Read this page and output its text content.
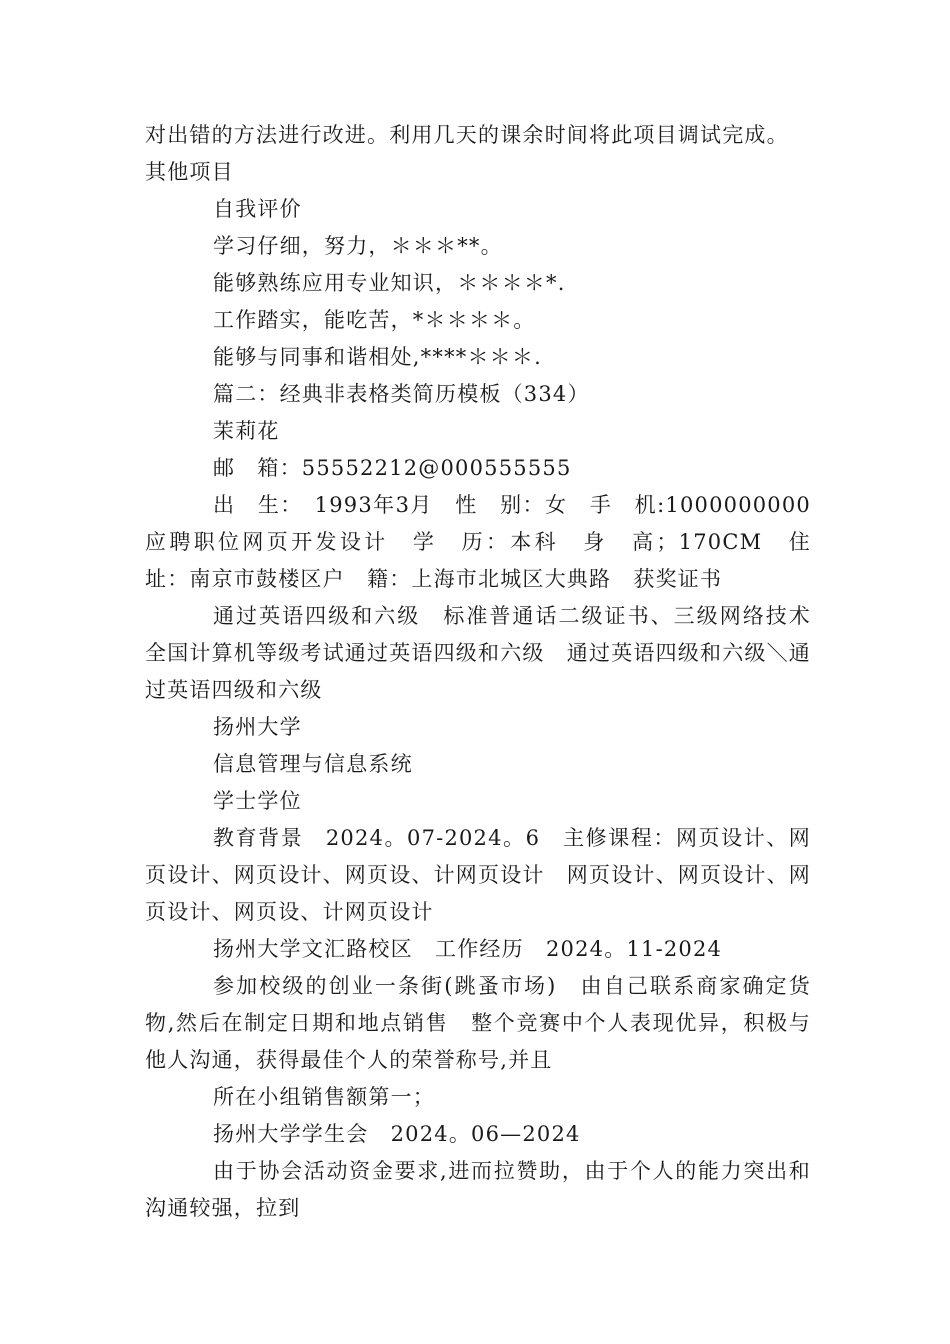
对出错的方法进行改进。利用几天的课余时间将此项目调试完成。

其他项目

自我评价

学习仔细，努力，＊＊＊**。

能够熟练应用专业知识，＊＊＊＊*.

工作踏实，能吃苦，*＊＊＊＊。

能够与同事和谐相处,****＊＊＊.

篇二：经典非表格类简历模板（334）

茉莉花

邮　箱：55552212@000555555

出　生：　1993年3月　性　别：女　手　机:1000000000　应聘职位网页开发设计　学　历：本科　身　高；170CM　住　址：南京市鼓楼区户　籍：上海市北城区大典路　获奖证书

通过英语四级和六级　标准普通话二级证书、三级网络技术全国计算机等级考试通过英语四级和六级　通过英语四级和六级＼通过英语四级和六级

扬州大学

信息管理与信息系统

学士学位

教育背景　2024。07-2024。6　主修课程：网页设计、网页设计、网页设计、网页设、计网页设计　网页设计、网页设计、网页设计、网页设、计网页设计

扬州大学文汇路校区　工作经历　2024。11-2024

参加校级的创业一条街(跳蚤市场)　由自己联系商家确定货物,然后在制定日期和地点销售　整个竞赛中个人表现优异，积极与他人沟通，获得最佳个人的荣誉称号,并且

所在小组销售额第一；

扬州大学学生会　2024。06—2024

由于协会活动资金要求,进而拉赞助，由于个人的能力突出和沟通较强，拉到
